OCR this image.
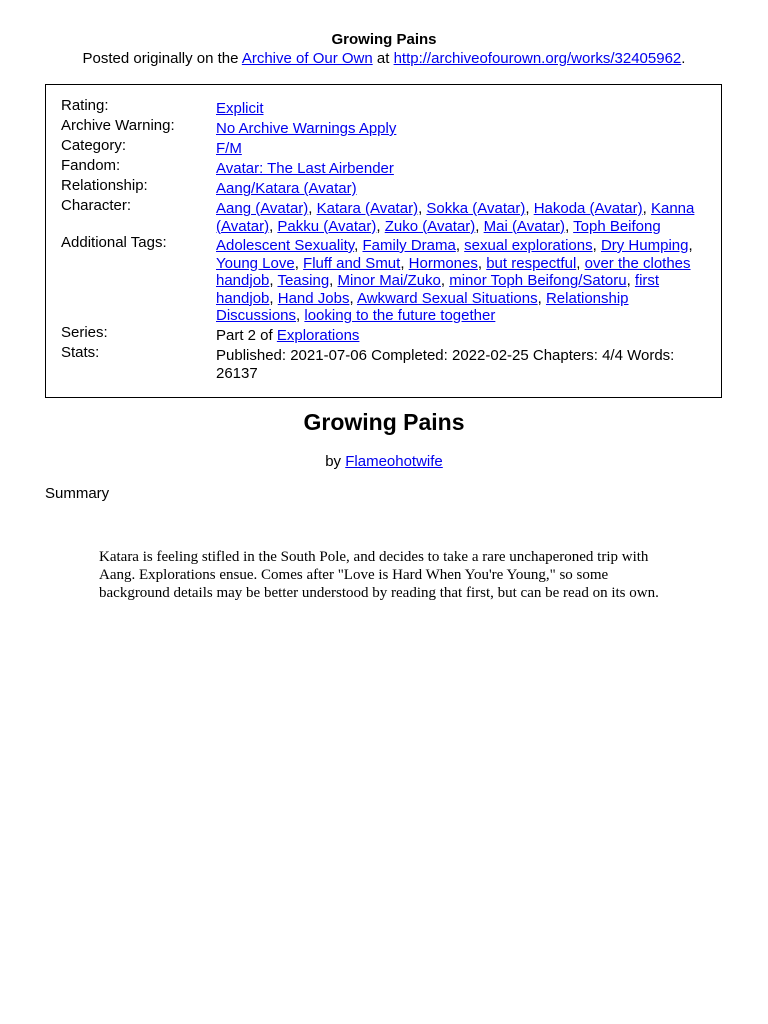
Growing Pains
Posted originally on the Archive of Our Own at http://archiveofourown.org/works/32405962.
Rating:	Explicit
Archive Warning:	No Archive Warnings Apply
Category:	F/M
Fandom:	Avatar: The Last Airbender
Relationship:	Aang/Katara (Avatar)
Character:	Aang (Avatar), Katara (Avatar), Sokka (Avatar), Hakoda (Avatar), Kanna (Avatar), Pakku (Avatar), Zuko (Avatar), Mai (Avatar), Toph Beifong
Additional Tags:	Adolescent Sexuality, Family Drama, sexual explorations, Dry Humping, Young Love, Fluff and Smut, Hormones, but respectful, over the clothes handjob, Teasing, Minor Mai/Zuko, minor Toph Beifong/Satoru, first handjob, Hand Jobs, Awkward Sexual Situations, Relationship Discussions, looking to the future together
Series:	Part 2 of Explorations
Stats:	Published: 2021-07-06 Completed: 2022-02-25 Chapters: 4/4 Words: 26137
Growing Pains
by Flameohotwife
Summary
Katara is feeling stifled in the South Pole, and decides to take a rare unchaperoned trip with Aang. Explorations ensue. Comes after "Love is Hard When You're Young," so some background details may be better understood by reading that first, but can be read on its own.
